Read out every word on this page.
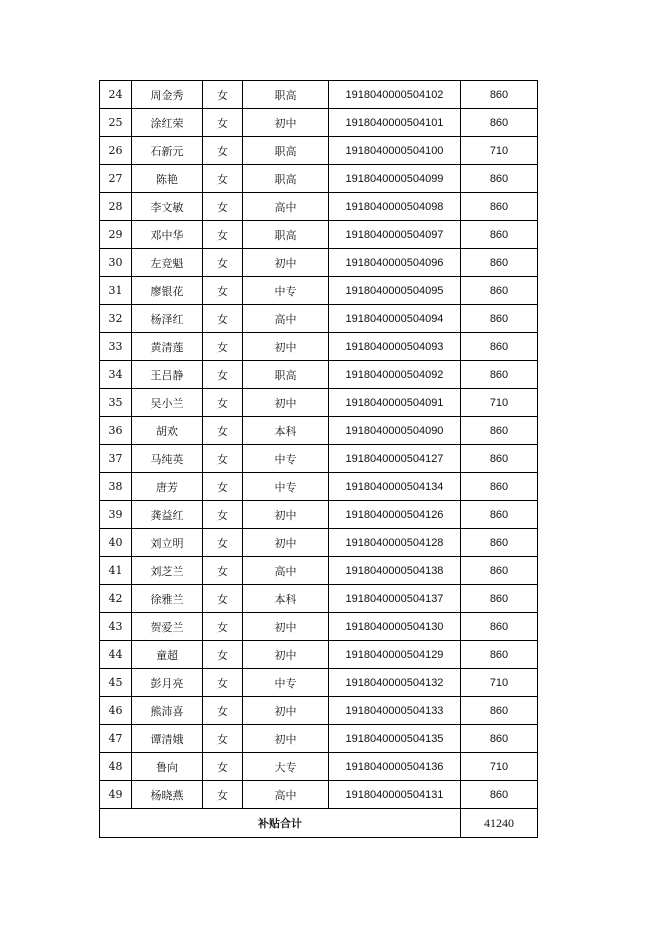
24	周金秀	女	职高	1918040000504102	860
25	涂红荣	女	初中	1918040000504101	860
26	石新元	女	职高	1918040000504100	710
27	陈艳	女	职高	1918040000504099	860
28	李文敏	女	高中	1918040000504098	860
29	邓中华	女	职高	1918040000504097	860
30	左竞魁	女	初中	1918040000504096	860
31	廖银花	女	中专	1918040000504095	860
32	杨泽红	女	高中	1918040000504094	860
33	黄清莲	女	初中	1918040000504093	860
34	王吕静	女	职高	1918040000504092	860
35	吴小兰	女	初中	1918040000504091	710
36	胡欢	女	本科	1918040000504090	860
37	马纯英	女	中专	1918040000504127	860
38	唐芳	女	中专	1918040000504134	860
39	龚益红	女	初中	1918040000504126	860
40	刘立明	女	初中	1918040000504128	860
41	刘芝兰	女	高中	1918040000504138	860
42	徐雅兰	女	本科	1918040000504137	860
43	贺爱兰	女	初中	1918040000504130	860
44	童超	女	初中	1918040000504129	860
45	彭月亮	女	中专	1918040000504132	710
46	熊沛喜	女	初中	1918040000504133	860
47	谭清娥	女	初中	1918040000504135	860
48	鲁向	女	大专	1918040000504136	710
49	杨晓燕	女	高中	1918040000504131	860
补贴合计					41240
